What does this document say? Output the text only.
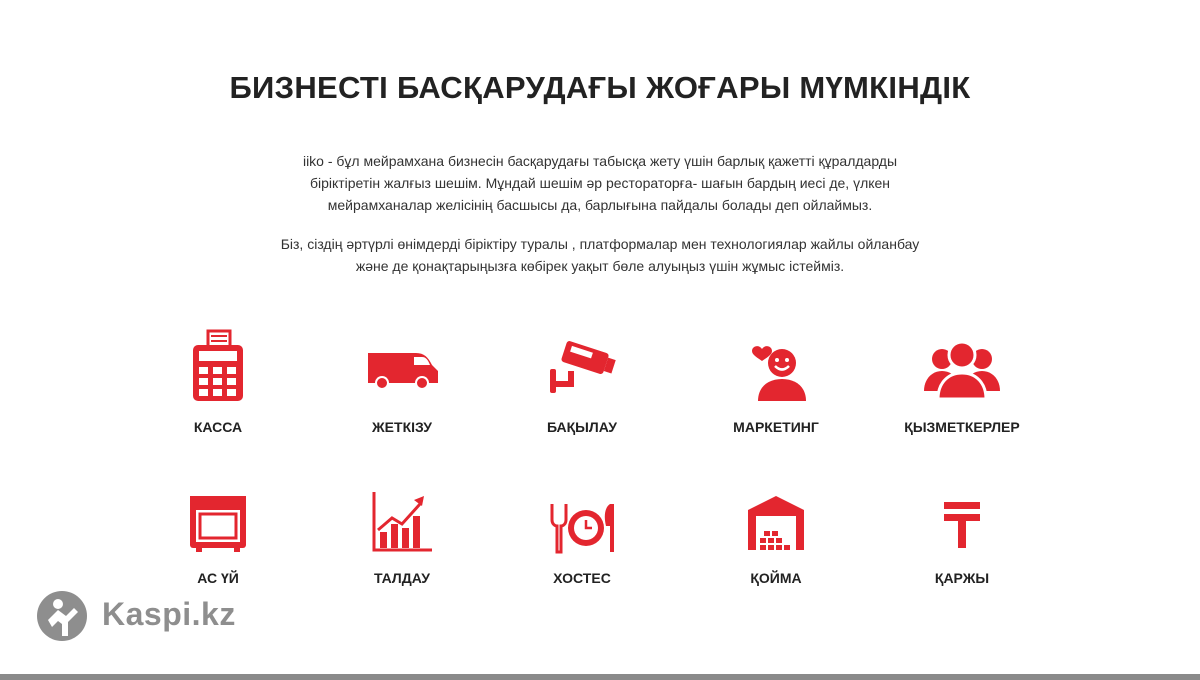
БИЗНЕСТІ БАСҚАРУДАҒЫ ЖОҒАРЫ МҮМКІНДІК
iiko - бұл мейрамхана бизнесін басқарудағы табысқа жету үшін барлық қажетті құралдарды
біріктіретін жалғыз шешім. Мұндай шешім әр ресторатор​ға- шағын бардың иесі де, үлкен
мейрамханалар желісінің басшысы да, барлығына пайдалы болады деп ойлаймыз.
Біз, сіздің әртүрлі өнімдерді біріктіру туралы , платформалар мен технологиялар жайлы ойланбау
және де қонақтарыңызға көбірек уақыт бөле алуыңыз үшін жұмыс істейміз.
КАССА	ЖЕТКІЗУ	БАҚЫЛАУ	МАРКЕТИНГ	ҚЫЗМЕТКЕРЛЕР
АС ҮЙ	ТАЛДАУ	ХОСТЕС	ҚОЙМА	ҚАРЖЫ
Kaspi.kz
